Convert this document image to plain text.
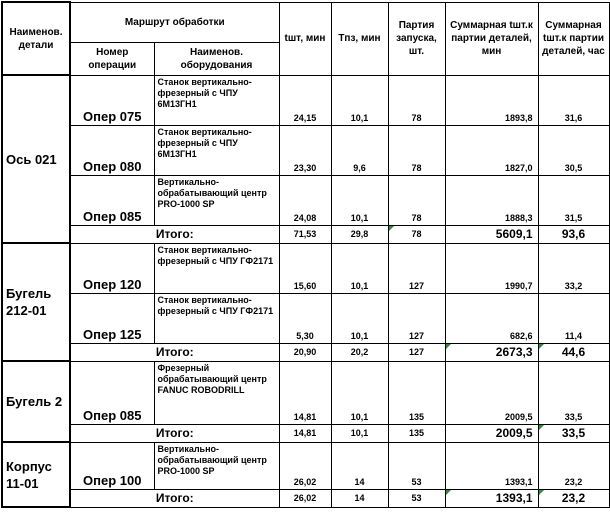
Наименов. детали	Маршрут обработки		tшт, мин	Тпз, мин	Партия запуска, шт.	Суммарная tшт.к партии деталей, мин	Суммарная tшт.к партии деталей, час
	Номер операции	Наименов. оборудования					
Ось 021	Опер 075	Станок вертикально-фрезерный с ЧПУ 6М13ГН1	24,15	10,1	78	1893,8	31,6
	Опер 080	Станок вертикально-фрезерный с ЧПУ 6М13ГН1	23,30	9,6	78	1827,0	30,5
	Опер 085	Вертикально-обрабатывающий центр PRO-1000 SP	24,08	10,1	78	1888,3	31,5
	Итого:		71,53	29,8	78	5609,1	93,6
Бугель 212-01	Опер 120	Станок вертикально-фрезерный с ЧПУ ГФ2171	15,60	10,1	127	1990,7	33,2
	Опер 125	Станок вертикально-фрезерный с ЧПУ ГФ2171	5,30	10,1	127	682,6	11,4
	Итого:		20,90	20,2	127	2673,3	44,6
Бугель 2	Опер 085	Фрезерный обрабатывающий центр FANUC ROBODRILL	14,81	10,1	135	2009,5	33,5
	Итого:		14,81	10,1	135	2009,5	33,5
Корпус 11-01	Опер 100	Вертикально-обрабатывающий центр PRO-1000 SP	26,02	14	53	1393,1	23,2
	Итого:		26,02	14	53	1393,1	23,2
